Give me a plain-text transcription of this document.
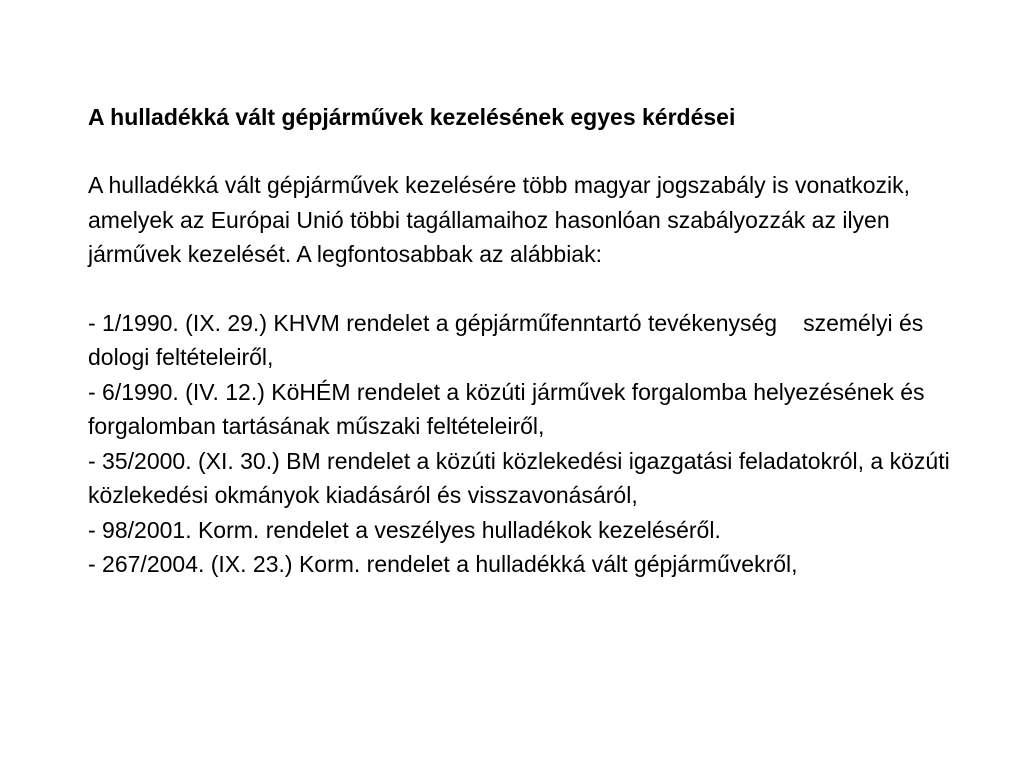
A hulladékká vált gépjárművek kezelésének egyes kérdései

A hulladékká vált gépjárművek kezelésére több magyar jogszabály is vonatkozik, amelyek az Európai Unió többi tagállamaihoz hasonlóan szabályozzák az ilyen járművek kezelését. A legfontosabbak az alábbiak:

- 1/1990. (IX. 29.) KHVM rendelet a gépjárműfenntartó tevékenység személyi és dologi feltételeiről,
- 6/1990. (IV. 12.) KöHÉM rendelet a közúti járművek forgalomba helyezésének és forgalomban tartásának műszaki feltételeiről,
- 35/2000. (XI. 30.) BM rendelet a közúti közlekedési igazgatási feladatokról, a közúti közlekedési okmányok kiadásáról és visszavonásáról,
- 98/2001. Korm. rendelet a veszélyes hulladékok kezeléséről.
- 267/2004. (IX. 23.) Korm. rendelet a hulladékká vált gépjárművekről,
